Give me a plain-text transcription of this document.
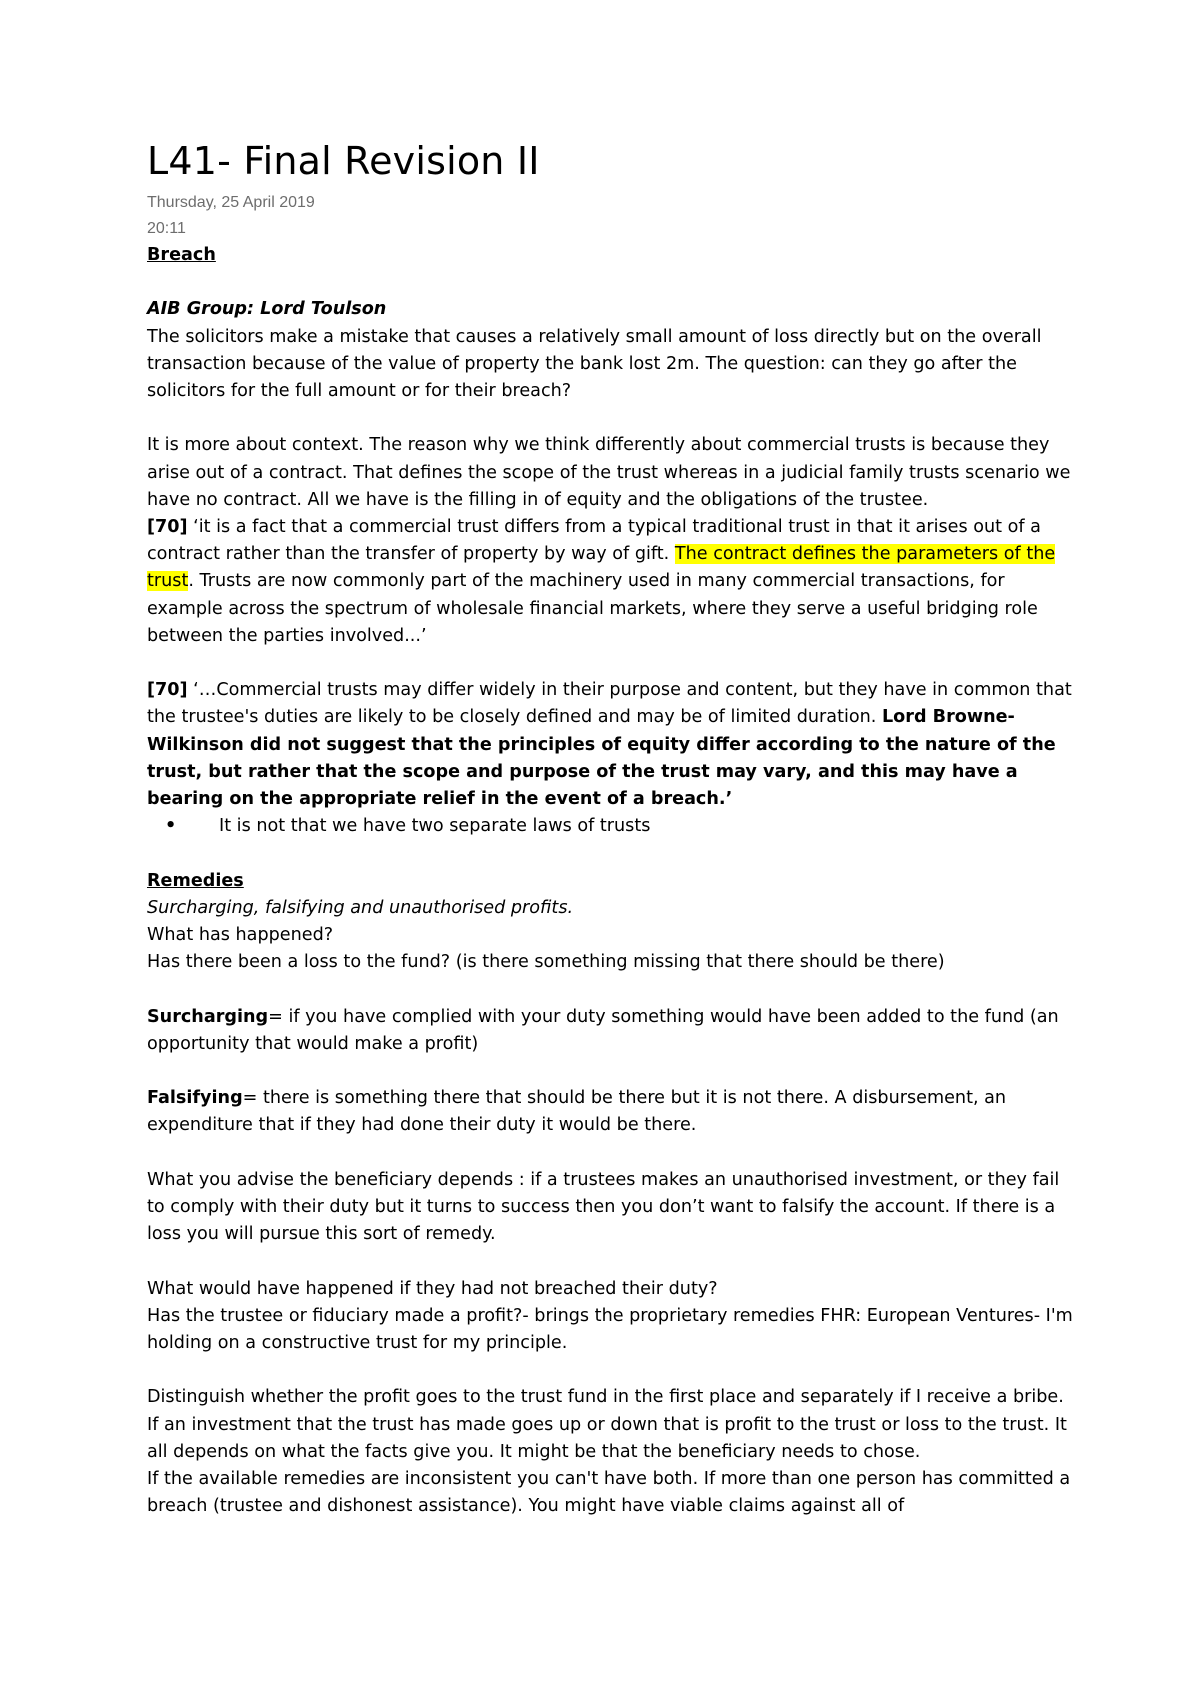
L41- Final Revision II
Thursday, 25 April 2019
20:11

Breach

AIB Group: Lord Toulson

The solicitors make a mistake that causes a relatively small amount of loss directly but on the overall transaction because of the value of property the bank lost 2m. The question: can they go after the solicitors for the full amount or for their breach?

It is more about context. The reason why we think differently about commercial trusts is because they arise out of a contract. That defines the scope of the trust whereas in a judicial family trusts scenario we have no contract. All we have is the filling in of equity and the obligations of the trustee.

[70] ‘it is a fact that a commercial trust differs from a typical traditional trust in that it arises out of a contract rather than the transfer of property by way of gift. The contract defines the parameters of the trust. Trusts are now commonly part of the machinery used in many commercial transactions, for example across the spectrum of wholesale financial markets, where they serve a useful bridging role between the parties involved...’

[70] ‘…Commercial trusts may differ widely in their purpose and content, but they have in common that the trustee's duties are likely to be closely defined and may be of limited duration. Lord Browne-Wilkinson did not suggest that the principles of equity differ according to the nature of the trust, but rather that the scope and purpose of the trust may vary, and this may have a bearing on the appropriate relief in the event of a breach.’

• It is not that we have two separate laws of trusts

Remedies

Surcharging, falsifying and unauthorised profits.

What has happened?

Has there been a loss to the fund? (is there something missing that there should be there)

Surcharging= if you have complied with your duty something would have been added to the fund (an opportunity that would make a profit)

Falsifying= there is something there that should be there but it is not there. A disbursement, an expenditure that if they had done their duty it would be there.

What you advise the beneficiary depends : if a trustees makes an unauthorised investment, or they fail to comply with their duty but it turns to success then you don’t want to falsify the account. If there is a loss you will pursue this sort of remedy.

What would have happened if they had not breached their duty?

Has the trustee or fiduciary made a profit?- brings the proprietary remedies FHR: European Ventures- I'm holding on a constructive trust for my principle.

Distinguish whether the profit goes to the trust fund in the first place and separately if I receive a bribe. If an investment that the trust has made goes up or down that is profit to the trust or loss to the trust. It all depends on what the facts give you. It might be that the beneficiary needs to chose.

If the available remedies are inconsistent you can't have both. If more than one person has committed a breach (trustee and dishonest assistance). You might have viable claims against all of
